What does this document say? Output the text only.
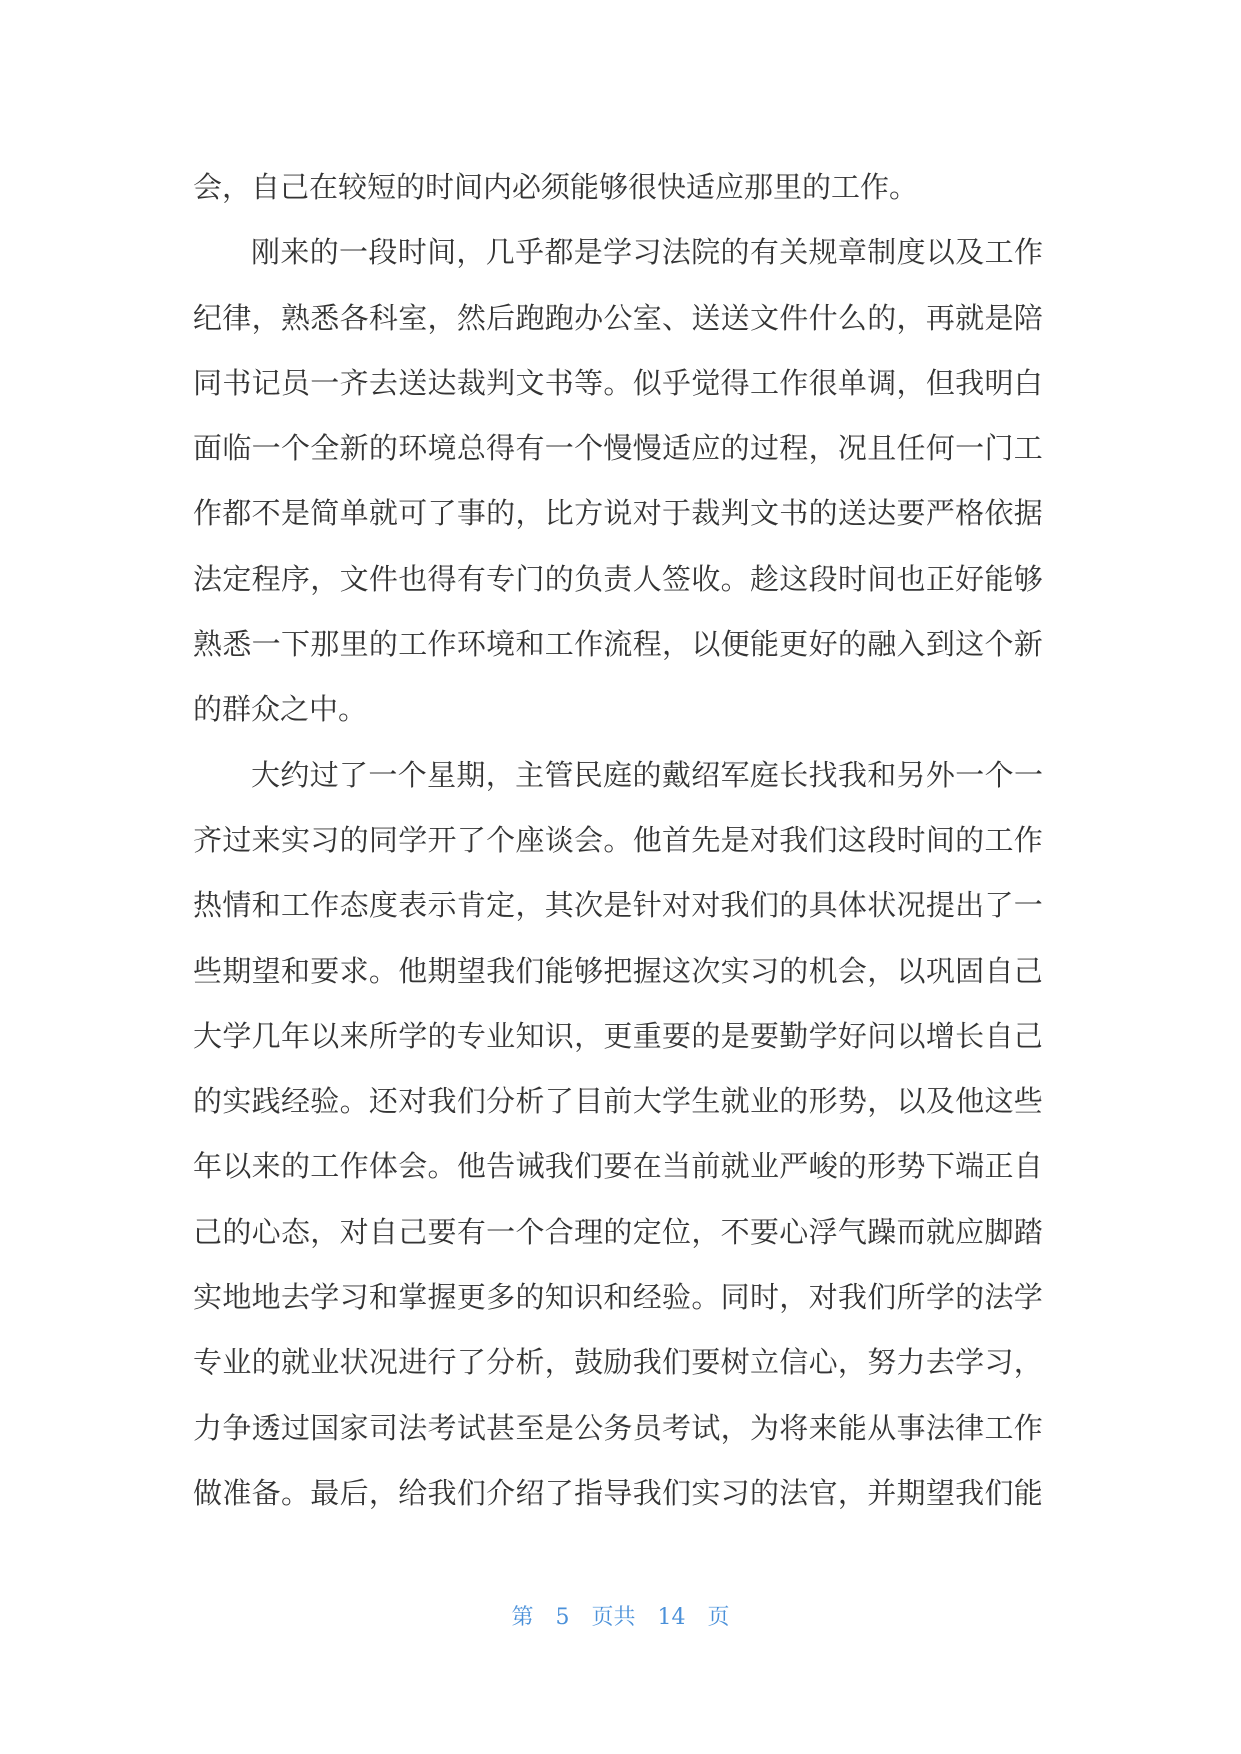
会，自己在较短的时间内必须能够很快适应那里的工作。
刚 来 的 一 段 时 间 ， 几 乎 都 是 学 习 法 院 的 有 关 规 章 制 度 以 及 工 作
纪 律 ， 熟 悉 各 科 室 ， 然 后 跑 跑 办 公 室 、 送 送 文 件 什 么 的 ， 再 就 是 陪
同 书 记 员 一 齐 去 送 达 裁 判 文 书 等 。 似 乎 觉 得 工 作 很 单 调 ， 但 我 明 白
面 临 一 个 全 新 的 环 境 总 得 有 一 个 慢 慢 适 应 的 过 程 ， 况 且 任 何 一 门 工
作 都 不 是 简 单 就 可 了 事 的 ， 比 方 说 对 于 裁 判 文 书 的 送 达 要 严 格 依 据
法 定 程 序 ， 文 件 也 得 有 专 门 的 负 责 人 签 收 。 趁 这 段 时 间 也 正 好 能 够
熟 悉 一 下 那 里 的 工 作 环 境 和 工 作 流 程 ， 以 便 能 更 好 的 融 入 到 这 个 新
的群众之中。
大 约 过 了 一 个 星 期 ， 主 管 民 庭 的 戴 绍 军 庭 长 找 我 和 另 外 一 个 一
齐 过 来 实 习 的 同 学 开 了 个 座 谈 会 。 他 首 先 是 对 我 们 这 段 时 间 的 工 作
热 情 和 工 作 态 度 表 示 肯 定 ， 其 次 是 针 对 对 我 们 的 具 体 状 况 提 出 了 一
些 期 望 和 要 求 。 他 期 望 我 们 能 够 把 握 这 次 实 习 的 机 会 ， 以 巩 固 自 己
大 学 几 年 以 来 所 学 的 专 业 知 识 ， 更 重 要 的 是 要 勤 学 好 问 以 增 长 自 己
的 实 践 经 验 。 还 对 我 们 分 析 了 目 前 大 学 生 就 业 的 形 势 ， 以 及 他 这 些
年 以 来 的 工 作 体 会 。 他 告 诫 我 们 要 在 当 前 就 业 严 峻 的 形 势 下 端 正 自
己 的 心 态 ， 对 自 己 要 有 一 个 合 理 的 定 位 ， 不 要 心 浮 气 躁 而 就 应 脚 踏
实 地 地 去 学 习 和 掌 握 更 多 的 知 识 和 经 验 。 同 时 ， 对 我 们 所 学 的 法 学
专 业 的 就 业 状 况 进 行 了 分 析 ， 鼓 励 我 们 要 树 立 信 心 ， 努 力 去 学 习 ，
力 争 透 过 国 家 司 法 考 试 甚 至 是 公 务 员 考 试 ， 为 将 来 能 从 事 法 律 工 作
做 准 备 。 最 后 ， 给 我 们 介 绍 了 指 导 我 们 实 习 的 法 官 ， 并 期 望 我 们 能
第 5 页共 14 页
